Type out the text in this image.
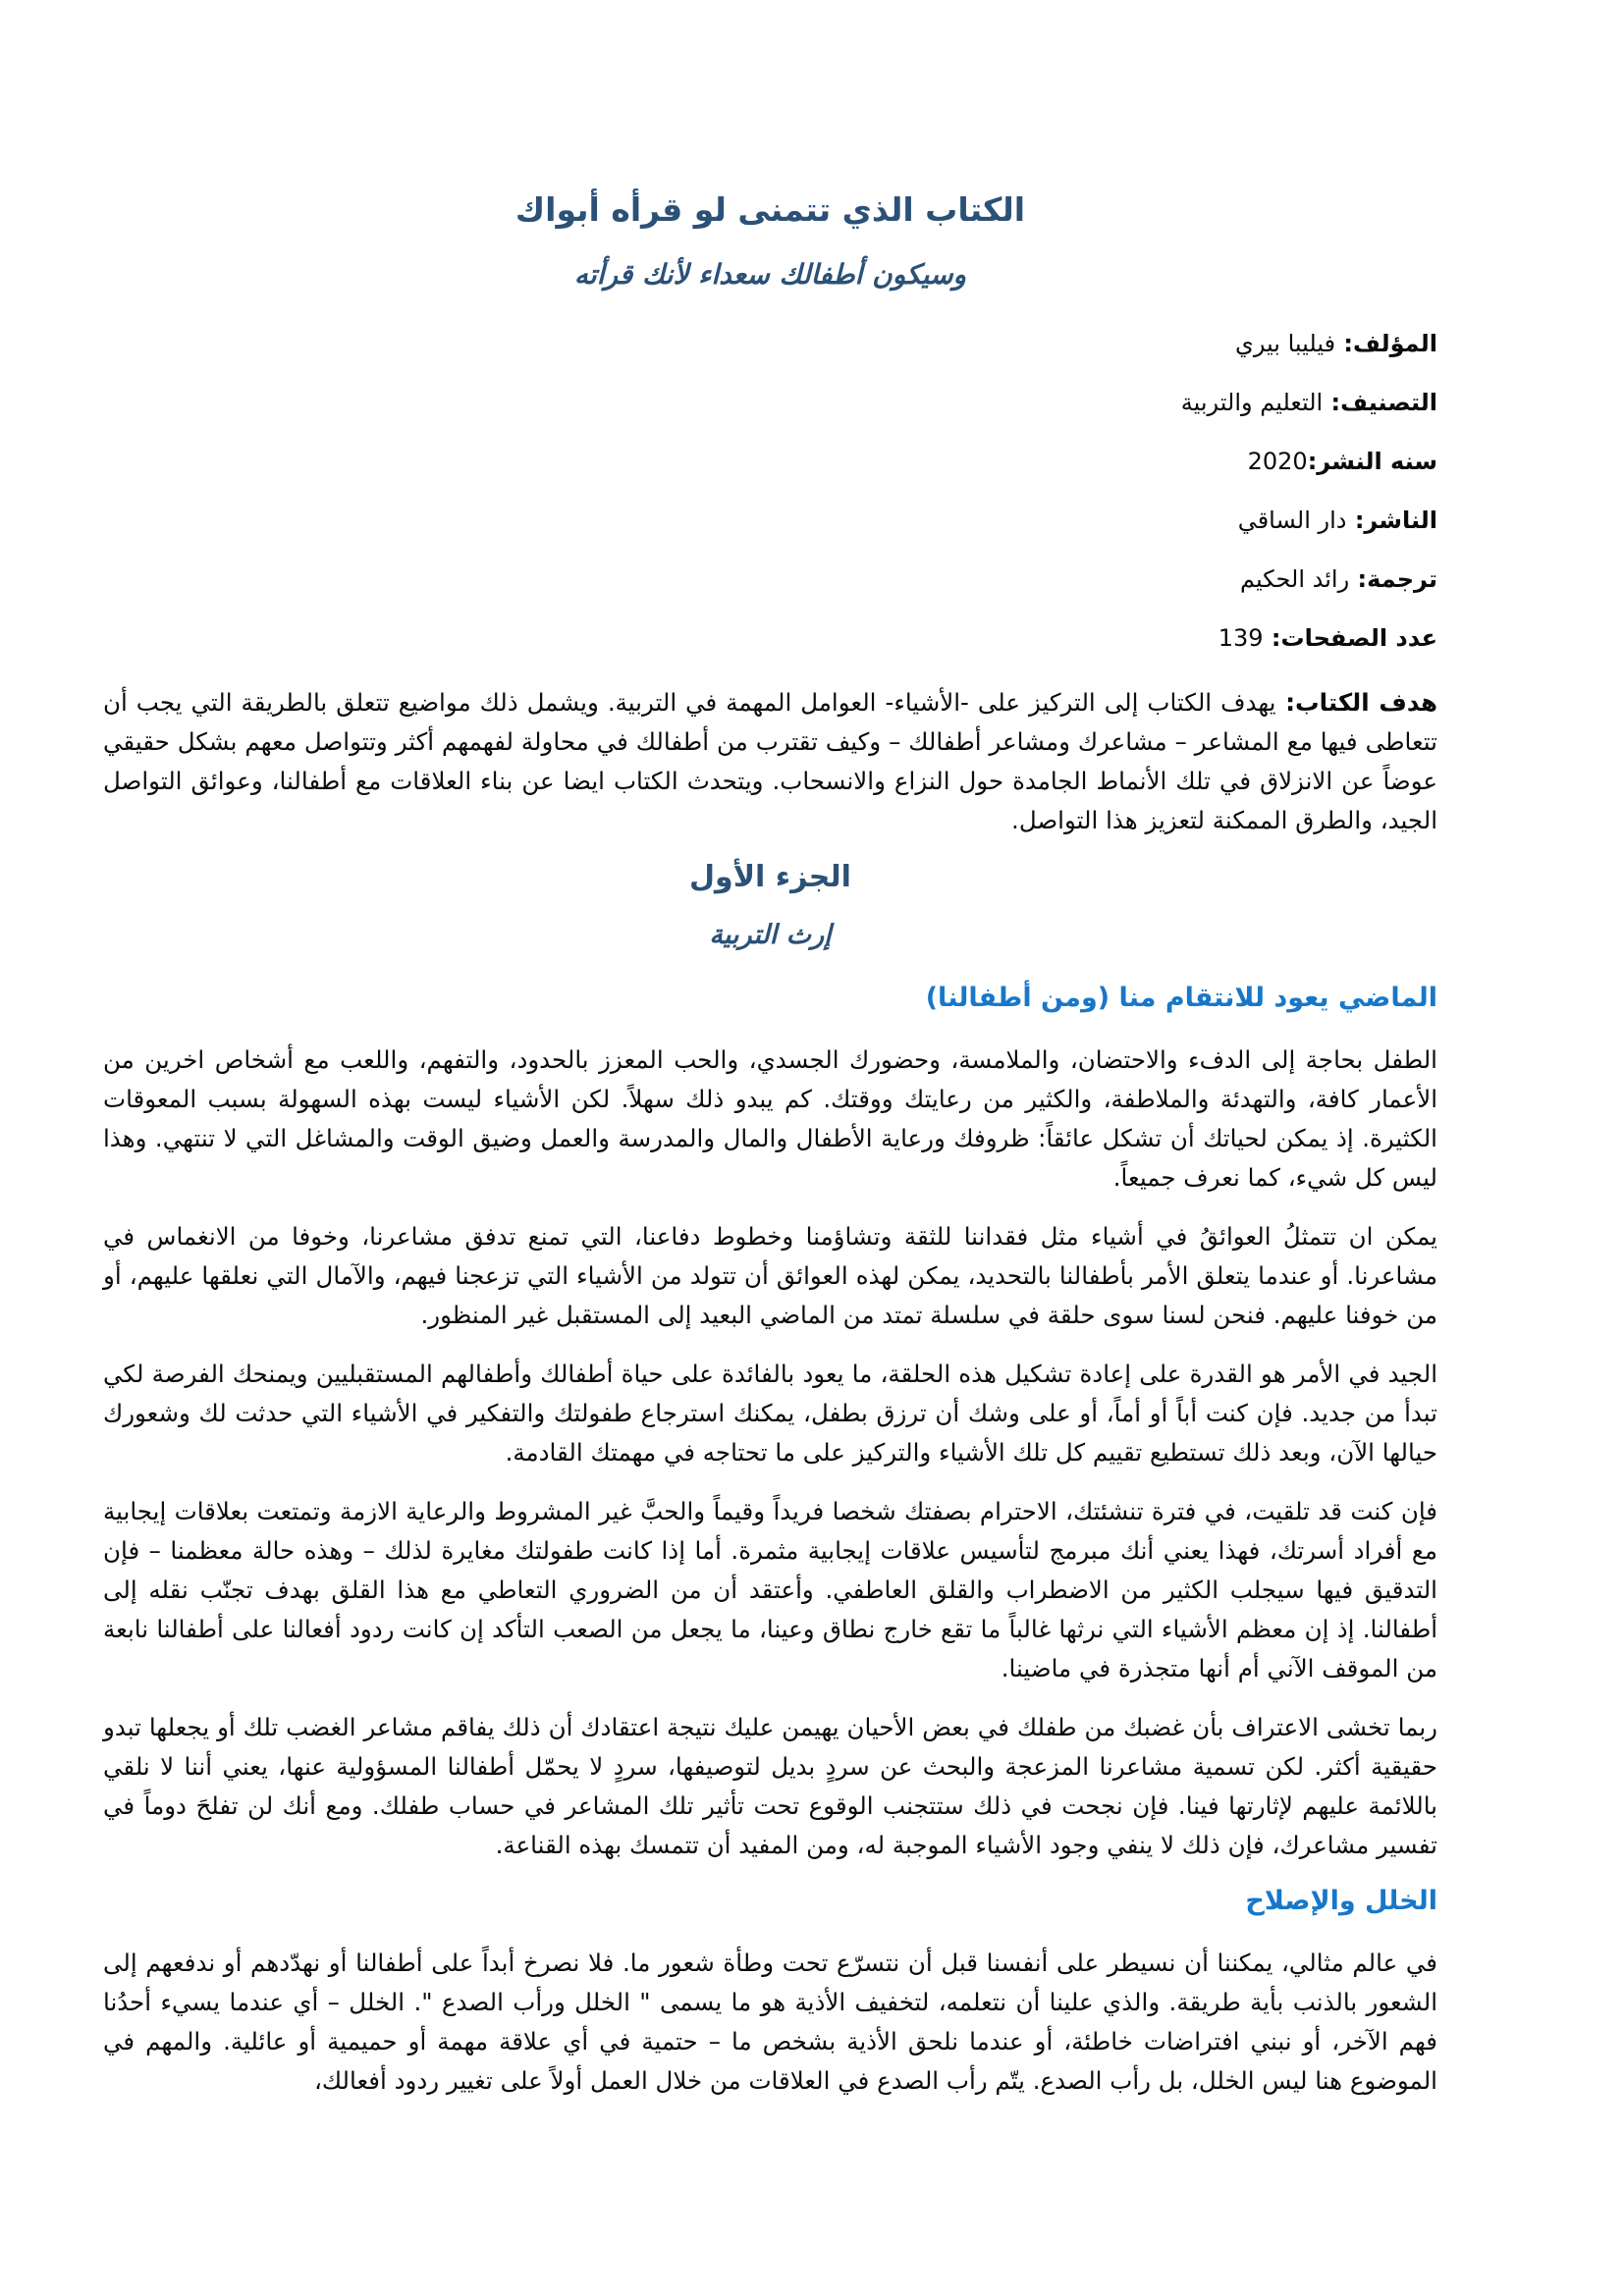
الكتاب الذي تتمنى لو قرأه أبواك
وسيكون أطفالك سعداء لأنك قرأته

المؤلف: فيليبا بيري

التصنيف: التعليم والتربية

سنه النشر:2020

الناشر: دار الساقي

ترجمة: رائد الحكيم

عدد الصفحات: 139

هدف الكتاب: يهدف الكتاب إلى التركيز على -الأشياء- العوامل المهمة في التربية. ويشمل ذلك مواضيع تتعلق بالطريقة التي يجب أن تتعاطى فيها مع المشاعر – مشاعرك ومشاعر أطفالك – وكيف تقترب من أطفالك في محاولة لفهمهم أكثر وتتواصل معهم بشكل حقيقي عوضاً عن الانزلاق في تلك الأنماط الجامدة حول النزاع والانسحاب. ويتحدث الكتاب ايضا عن بناء العلاقات مع أطفالنا، وعوائق التواصل الجيد، والطرق الممكنة لتعزيز هذا التواصل.

الجزء الأول
إرث التربية
الماضي يعود للانتقام منا (ومن أطفالنا)

الطفل بحاجة إلى الدفء والاحتضان، والملامسة، وحضورك الجسدي، والحب المعزز بالحدود، والتفهم، واللعب مع أشخاص اخرين من الأعمار كافة، والتهدئة والملاطفة، والكثير من رعايتك ووقتك. كم يبدو ذلك سهلاً. لكن الأشياء ليست بهذه السهولة بسبب المعوقات الكثيرة. إذ يمكن لحياتك أن تشكل عائقاً: ظروفك ورعاية الأطفال والمال والمدرسة والعمل وضيق الوقت والمشاغل التي لا تنتهي. وهذا ليس كل شيء، كما نعرف جميعاً.

يمكن ان تتمثلُ العوائقُ في أشياء مثل فقداننا للثقة وتشاؤمنا وخطوط دفاعنا، التي تمنع تدفق مشاعرنا، وخوفا من الانغماس في مشاعرنا. أو عندما يتعلق الأمر بأطفالنا بالتحديد، يمكن لهذه العوائق أن تتولد من الأشياء التي تزعجنا فيهم، والآمال التي نعلقها عليهم، أو من خوفنا عليهم. فنحن لسنا سوى حلقة في سلسلة تمتد من الماضي البعيد إلى المستقبل غير المنظور.

الجيد في الأمر هو القدرة على إعادة تشكيل هذه الحلقة، ما يعود بالفائدة على حياة أطفالك وأطفالهم المستقبليين ويمنحك الفرصة لكي تبدأ من جديد. فإن كنت أباً أو أماً، أو على وشك أن ترزق بطفل، يمكنك استرجاع طفولتك والتفكير في الأشياء التي حدثت لك وشعورك حيالها الآن، وبعد ذلك تستطيع تقييم كل تلك الأشياء والتركيز على ما تحتاجه في مهمتك القادمة.

فإن كنت قد تلقيت، في فترة تنشئتك، الاحترام بصفتك شخصا فريداً وقيماً والحبَّ غير المشروط والرعاية الازمة وتمتعت بعلاقات إيجابية مع أفراد أسرتك، فهذا يعني أنك مبرمج لتأسيس علاقات إيجابية مثمرة. أما إذا كانت طفولتك مغايرة لذلك – وهذه حالة معظمنا – فإن التدقيق فيها سيجلب الكثير من الاضطراب والقلق العاطفي. وأعتقد أن من الضروري التعاطي مع هذا القلق بهدف تجنّب نقله إلى أطفالنا. إذ إن معظم الأشياء التي نرثها غالباً ما تقع خارج نطاق وعينا، ما يجعل من الصعب التأكد إن كانت ردود أفعالنا على أطفالنا نابعة من الموقف الآني أم أنها متجذرة في ماضينا.

ربما تخشى الاعتراف بأن غضبك من طفلك في بعض الأحيان يهيمن عليك نتيجة اعتقادك أن ذلك يفاقم مشاعر الغضب تلك أو يجعلها تبدو حقيقية أكثر. لكن تسمية مشاعرنا المزعجة والبحث عن سردٍ بديل لتوصيفها، سردٍ لا يحمّل أطفالنا المسؤولية عنها، يعني أننا لا نلقي باللائمة عليهم لإثارتها فينا. فإن نجحت في ذلك ستتجنب الوقوع تحت تأثير تلك المشاعر في حساب طفلك. ومع أنك لن تفلحَ دوماً في تفسير مشاعرك، فإن ذلك لا ينفي وجود الأشياء الموجبة له، ومن المفيد أن تتمسك بهذه القناعة.

الخلل والإصلاح

في عالم مثالي، يمكننا أن نسيطر على أنفسنا قبل أن نتسرّع تحت وطأة شعور ما. فلا نصرخ أبداً على أطفالنا أو نهدّدهم أو ندفعهم إلى الشعور بالذنب بأية طريقة. والذي علينا أن نتعلمه، لتخفيف الأذية هو ما يسمى " الخلل ورأب الصدع ". الخلل – أي عندما يسيء أحدُنا فهم الآخر، أو نبني افتراضات خاطئة، أو عندما نلحق الأذية بشخص ما – حتمية في أي علاقة مهمة أو حميمية أو عائلية. والمهم في الموضوع هنا ليس الخلل، بل رأب الصدع. يتّم رأب الصدع في العلاقات من خلال العمل أولاً على تغيير ردود أفعالك،
